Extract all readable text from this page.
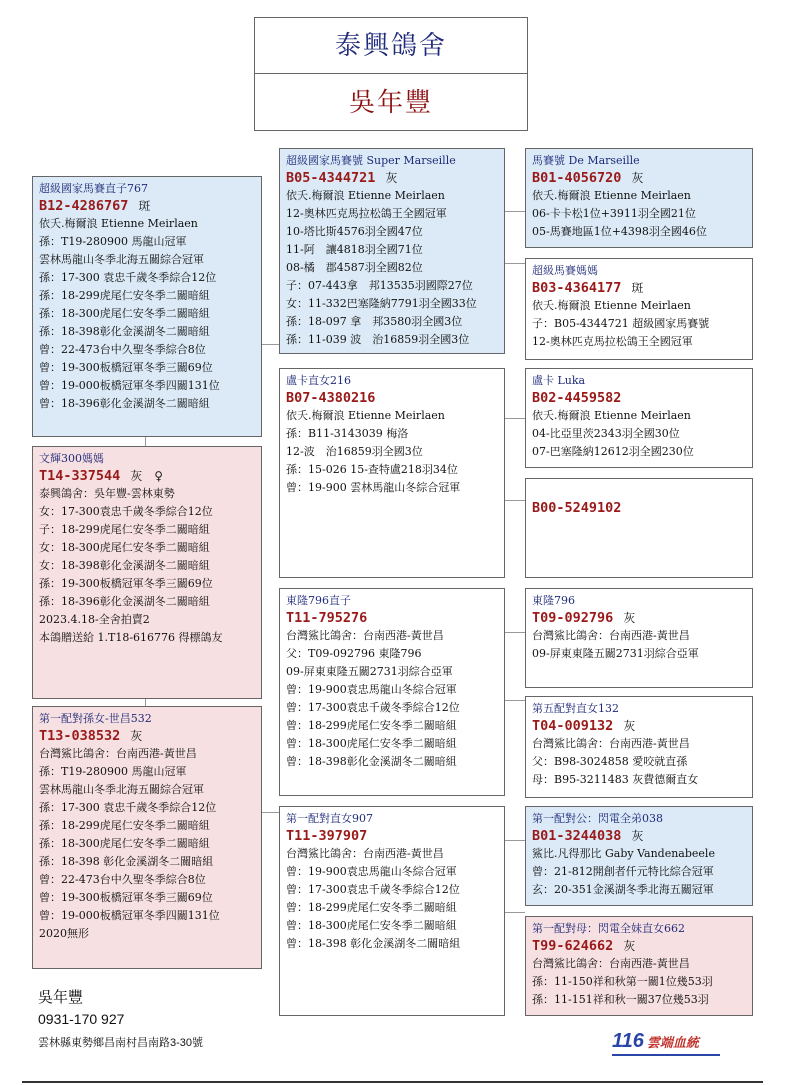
泰興鴿舍
吳年豐
超級國家馬賽直子767
B12-4286767 斑
依夭.梅爾浪 Etienne Meirlaen
孫：T19-280900 馬龍山冠軍
雲林馬龍山冬季北海五關綜合冠軍
孫：17-300 袁忠千歲冬季綜合12位
孫：18-299虎尾仁安冬季二關暗組
孫：18-300虎尾仁安冬季二關暗組
孫：18-398彰化金溪湖冬二關暗組
曾：22-473台中久聖冬季綜合8位
曾：19-300板橋冠軍冬季三關69位
曾：19-000板橋冠軍冬季四關131位
曾：18-396彰化金溪湖冬二關暗組
文輝300媽媽
T14-337544 灰　♀
泰興鴿舍：吳年豐-雲林東勢
女：17-300袁忠千歲冬季綜合12位
子：18-299虎尾仁安冬季二關暗組
女：18-300虎尾仁安冬季二關暗組
女：18-398彰化金溪湖冬二關暗組
孫：19-300板橋冠軍冬季三關69位
孫：18-396彰化金溪湖冬二關暗組
2023.4.18-全舍拍賣2
本鴿贈送給 1.T18-616776 得標鴿友
第一配對孫女-世昌532
T13-038532 灰
台灣鯊比鴿舍：台南西港-黃世昌
孫：T19-280900 馬龍山冠軍
雲林馬龍山冬季北海五關綜合冠軍
孫：17-300 袁忠千歲冬季綜合12位
孫：18-299虎尾仁安冬季二關暗組
孫：18-300虎尾仁安冬季二關暗組
孫：18-398 彰化金溪湖冬二關暗組
曾：22-473台中久聖冬季綜合8位
曾：19-300板橋冠軍冬季三關69位
曾：19-000板橋冠軍冬季四關131位
2020無形
超級國家馬賽號 Super Marseille
B05-4344721 灰
依夭.梅爾浪 Etienne Meirlaen
12-奧林匹克馬拉松鴿王全國冠軍
10-塔比斯4576羽全國47位
11-阿　讓4818羽全國71位
08-橘　郡4587羽全國82位
子：07-443拿　邦13535羽國際27位
女：11-332巴塞隆納7791羽全國33位
孫：18-097 拿　邦3580羽全國3位
孫：11-039 波　治16859羽全國3位
盧卡直女216
B07-4380216
依夭.梅爾浪 Etienne Meirlaen
孫：B11-3143039 梅洛
12-波　治16859羽全國3位
孫：15-026 15-查特盧218羽34位
曾：19-900 雲林馬龍山冬綜合冠軍
東隆796直子
T11-795276
台灣鯊比鴿舍：台南西港-黃世昌
父：T09-092796 東隆796
09-屏東東隆五關2731羽綜合亞軍
曾：19-900袁忠馬龍山冬綜合冠軍
曾：17-300袁忠千歲冬季綜合12位
曾：18-299虎尾仁安冬季二關暗組
曾：18-300虎尾仁安冬季二關暗組
曾：18-398彰化金溪湖冬二關暗組
第一配對直女907
T11-397907
台灣鯊比鴿舍：台南西港-黃世昌
曾：19-900袁忠馬龍山冬綜合冠軍
曾：17-300袁忠千歲冬季綜合12位
曾：18-299虎尾仁安冬季二關暗組
曾：18-300虎尾仁安冬季二關暗組
曾：18-398 彰化金溪湖冬二關暗組
馬賽號 De Marseille
B01-4056720 灰
依夭.梅爾浪 Etienne Meirlaen
06-卡卡松1位+3911羽全國21位
05-馬賽地區1位+4398羽全國46位
超級馬賽媽媽
B03-4364177 斑
依夭.梅爾浪 Etienne Meirlaen
子：B05-4344721 超級國家馬賽號
12-奧林匹克馬拉松鴿王全國冠軍
盧卡 Luka
B02-4459582
依夭.梅爾浪 Etienne Meirlaen
04-比亞里茨2343羽全國30位
07-巴塞隆納12612羽全國230位
B00-5249102
東隆796
T09-092796 灰
台灣鯊比鴿舍：台南西港-黃世昌
09-屏東東隆五關2731羽綜合亞軍
第五配對直女132
T04-009132 灰
台灣鯊比鴿舍：台南西港-黃世昌
父：B98-3024858 愛咬就直孫
母：B95-3211483 灰費德爾直女
第一配對公：閃電全弟038
B01-3244038 灰
鯊比.凡得那比 Gaby Vandenabeele
曾：21-812開創者仟元特比綜合冠軍
玄：20-351金溪湖冬季北海五關冠軍
第一配對母：閃電全妹直女662
T99-624662 灰
台灣鯊比鴿舍：台南西港-黃世昌
孫：11-150祥和秋第一關1位幾53羽
孫：11-151祥和秋一關37位幾53羽
吳年豐
0931-170 927
雲林縣東勢鄉昌南村昌南路3-30號	116 雲端血統
